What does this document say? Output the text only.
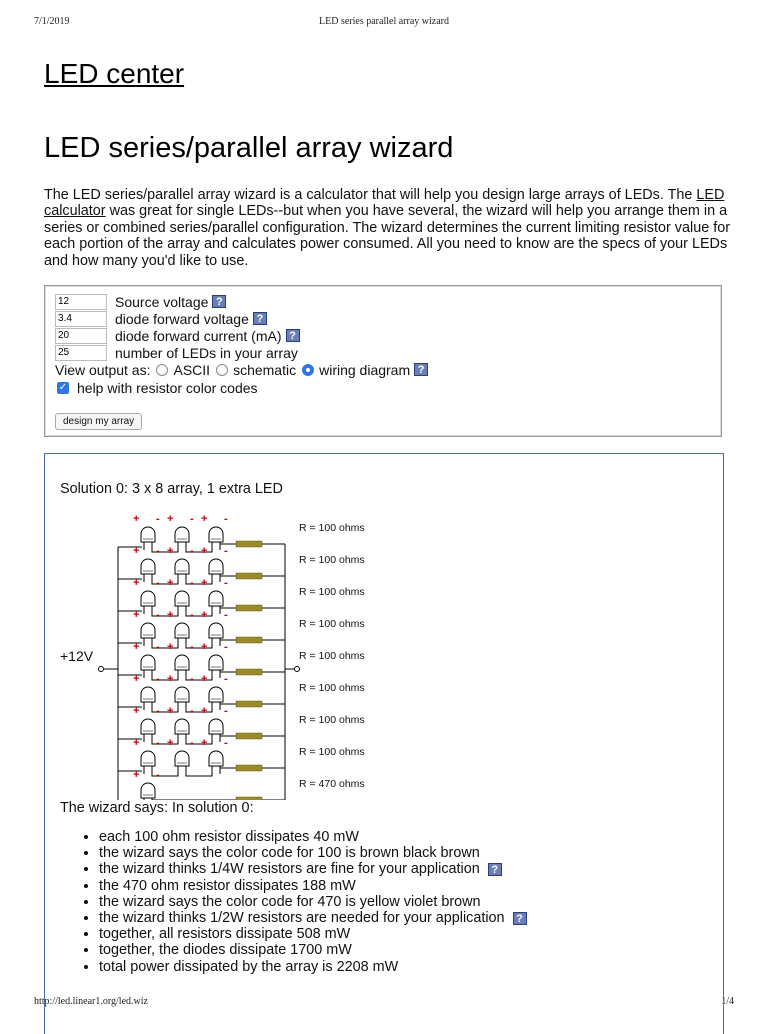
7/1/2019	LED series parallel array wizard
http://led.linear1.org/led.wiz	1/4
LED center
LED series/parallel array wizard

The LED series/parallel array wizard is a calculator that will help you design large arrays of LEDs. The LED calculator was great for single LEDs--but when you have several, the wizard will help you arrange them in a series or combined series/parallel configuration. The wizard determines the current limiting resistor value for each portion of the array and calculates power consumed. All you need to know are the specs of your LEDs and how many you'd like to use.

12
Source voltage ?
3.4
diode forward voltage ?
20
diode forward current (mA) ?
25
number of LEDs in your array
View output as: ASCII schematic wiring diagram ?
✓ help with resistor color codes
design my array
Solution 0: 3 x 8 array, 1 extra LED
+12V
+ - + - + -
+ - + - + -
+ - + - + -
+ - + - + -
+ - + - + -
+ - + - + -
+ - + - + -
+ - + - + -
+ -
R = 100 ohms
R = 100 ohms
R = 100 ohms
R = 100 ohms
R = 100 ohms
R = 100 ohms
R = 100 ohms
R = 100 ohms
R = 470 ohms
The wizard says: In solution 0:
• each 100 ohm resistor dissipates 40 mW
• the wizard says the color code for 100 is brown black brown
• the wizard thinks 1/4W resistors are fine for your application ?
• the 470 ohm resistor dissipates 188 mW
• the wizard says the color code for 470 is yellow violet brown
• the wizard thinks 1/2W resistors are needed for your application ?
• together, all resistors dissipate 508 mW
• together, the diodes dissipate 1700 mW
• total power dissipated by the array is 2208 mW
